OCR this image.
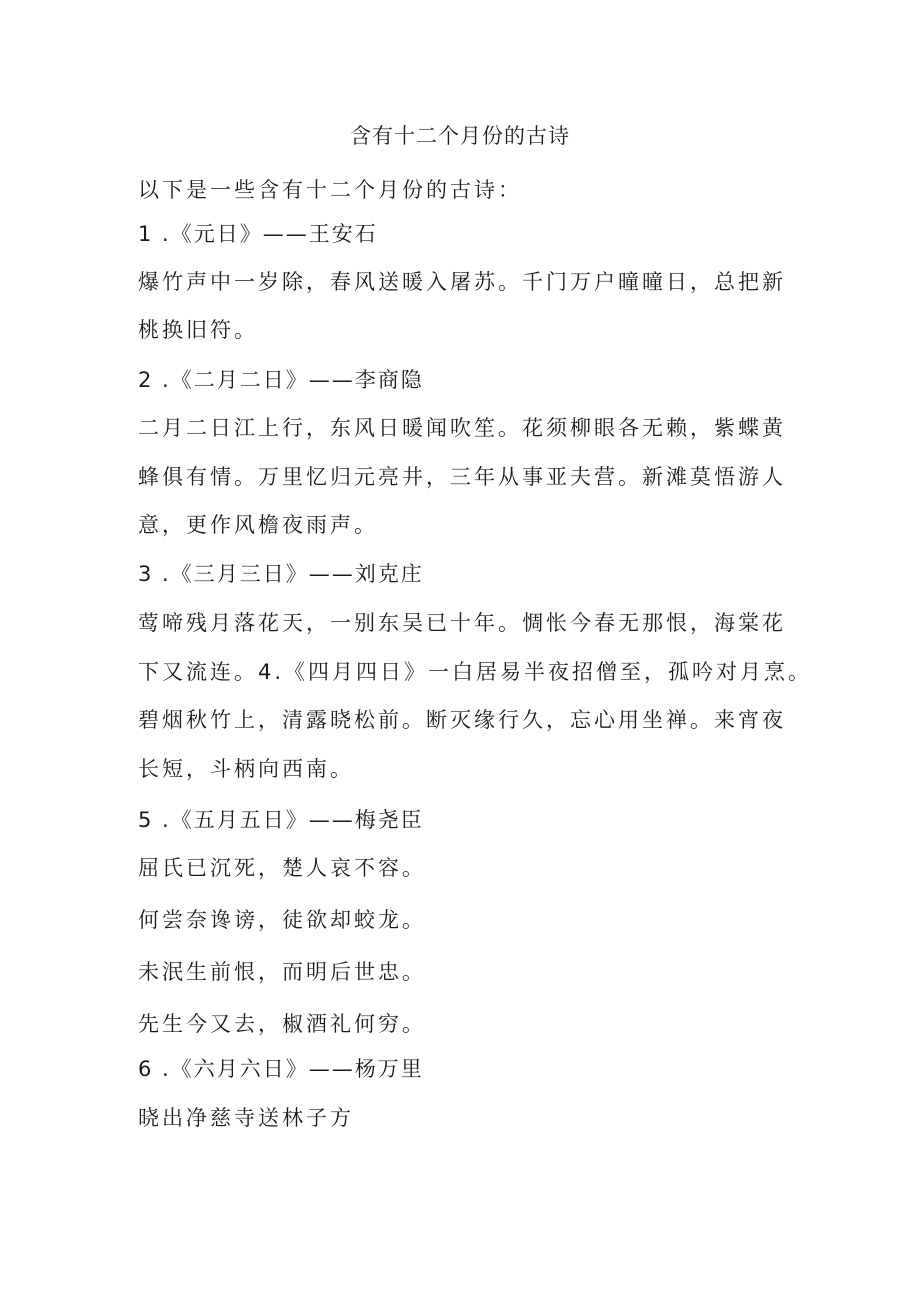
含有十二个月份的古诗
以下是一些含有十二个月份的古诗：
1 .《元日》——王安石
爆竹声中一岁除，春风送暖入屠苏。千门万户曈曈日，总把新
桃换旧符。
2 .《二月二日》——李商隐
二月二日江上行，东风日暖闻吹笙。花须柳眼各无赖，紫蝶黄
蜂俱有情。万里忆归元亮井，三年从事亚夫营。新滩莫悟游人
意，更作风檐夜雨声。
3 .《三月三日》——刘克庄
莺啼残月落花天，一别东吴已十年。惆怅今春无那恨，海棠花
下又流连。4.《四月四日》一白居易半夜招僧至，孤吟对月烹。
碧烟秋竹上，清露晓松前。断灭缘行久，忘心用坐禅。来宵夜
长短，斗柄向西南。
5 .《五月五日》——梅尧臣
屈氏已沉死，楚人哀不容。
何尝奈谗谤，徒欲却蛟龙。
未泯生前恨，而明后世忠。
先生今又去，椒酒礼何穷。
6 .《六月六日》——杨万里
晓出净慈寺送林子方
